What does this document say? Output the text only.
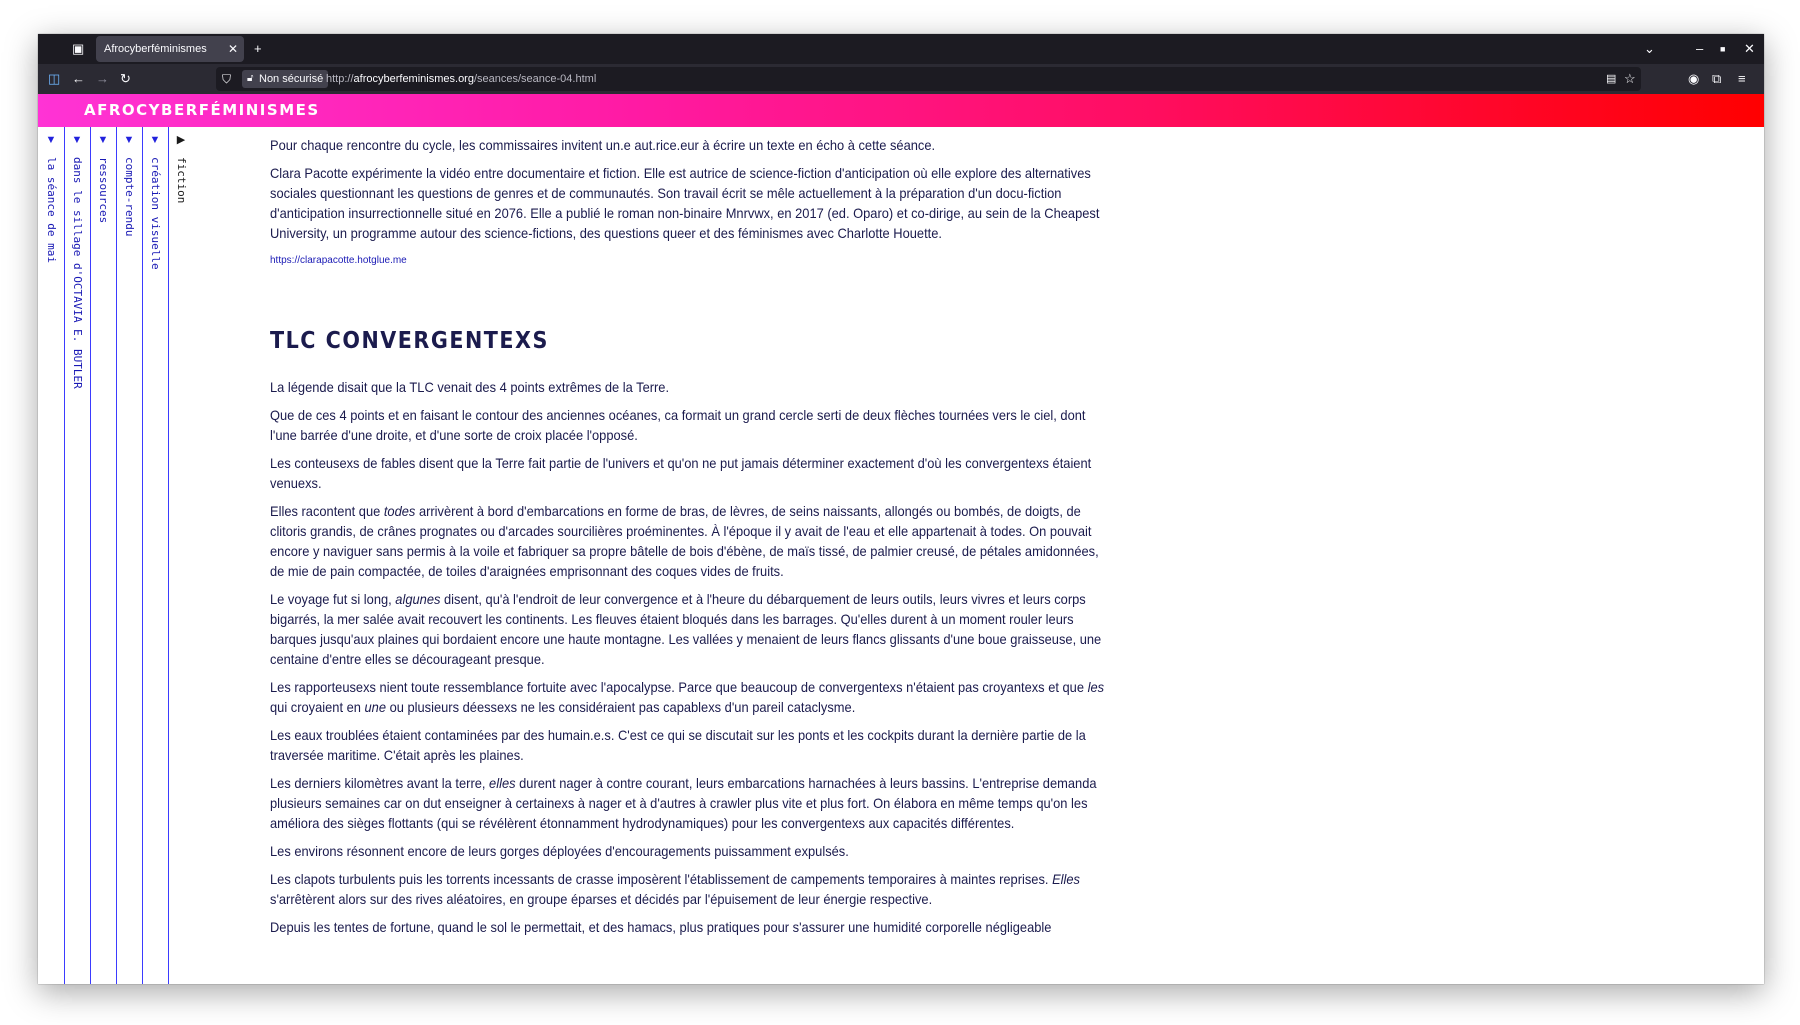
▣	Afrocyberféminismes ✕ +	⌄	– ■ ✕
◫ ← → ↻	⛉ 🔓︎ Non sécurisé http://afrocyberfeminismes.org/seances/seance-04.html	▤ ☆	◉ ⧉ ≡
AFROCYBERFÉMINISMES
▼
la séance de mai
▼
dans le sillage d'OCTAVIA E. BUTLER
▼
ressources
▼
compte-rendu
▼
création visuelle
▶
fiction

Pour chaque rencontre du cycle, les commissaires invitent un.e aut.rice.eur à écrire un texte en écho à cette séance.

Clara Pacotte expérimente la vidéo entre documentaire et fiction. Elle est autrice de science-fiction d'anticipation où elle explore des alternatives sociales questionnant les questions de genres et de communautés. Son travail écrit se mêle actuellement à la préparation d'un docu-fiction d'anticipation insurrectionnelle situé en 2076. Elle a publié le roman non-binaire Mnrvwx, en 2017 (ed. Oparo) et co-dirige, au sein de la Cheapest University, un programme autour des science-fictions, des questions queer et des féminismes avec Charlotte Houette.

https://clarapacotte.hotglue.me
TLC CONVERGENTEXS

La légende disait que la TLC venait des 4 points extrêmes de la Terre.

Que de ces 4 points et en faisant le contour des anciennes océanes, ca formait un grand cercle serti de deux flèches tournées vers le ciel, dont l'une barrée d'une droite, et d'une sorte de croix placée l'opposé.

Les conteusexs de fables disent que la Terre fait partie de l'univers et qu'on ne put jamais déterminer exactement d'où les convergentexs étaient venuexs.

Elles racontent que todes arrivèrent à bord d'embarcations en forme de bras, de lèvres, de seins naissants, allongés ou bombés, de doigts, de clitoris grandis, de crânes prognates ou d'arcades sourcilières proéminentes. À l'époque il y avait de l'eau et elle appartenait à todes. On pouvait encore y naviguer sans permis à la voile et fabriquer sa propre bâtelle de bois d'ébène, de maïs tissé, de palmier creusé, de pétales amidonnées, de mie de pain compactée, de toiles d'araignées emprisonnant des coques vides de fruits.

Le voyage fut si long, algunes disent, qu'à l'endroit de leur convergence et à l'heure du débarquement de leurs outils, leurs vivres et leurs corps bigarrés, la mer salée avait recouvert les continents. Les fleuves étaient bloqués dans les barrages. Qu'elles durent à un moment rouler leurs barques jusqu'aux plaines qui bordaient encore une haute montagne. Les vallées y menaient de leurs flancs glissants d'une boue graisseuse, une centaine d'entre elles se décourageant presque.

Les rapporteusexs nient toute ressemblance fortuite avec l'apocalypse. Parce que beaucoup de convergentexs n'étaient pas croyantexs et que les qui croyaient en une ou plusieurs déessexs ne les considéraient pas capablexs d'un pareil cataclysme.

Les eaux troublées étaient contaminées par des humain.e.s. C'est ce qui se discutait sur les ponts et les cockpits durant la dernière partie de la traversée maritime. C'était après les plaines.

Les derniers kilomètres avant la terre, elles durent nager à contre courant, leurs embarcations harnachées à leurs bassins. L'entreprise demanda plusieurs semaines car on dut enseigner à certainexs à nager et à d'autres à crawler plus vite et plus fort. On élabora en même temps qu'on les améliora des sièges flottants (qui se révélèrent étonnamment hydrodynamiques) pour les convergentexs aux capacités différentes.

Les environs résonnent encore de leurs gorges déployées d'encouragements puissamment expulsés.

Les clapots turbulents puis les torrents incessants de crasse imposèrent l'établissement de campements temporaires à maintes reprises. Elles s'arrêtèrent alors sur des rives aléatoires, en groupe éparses et décidés par l'épuisement de leur énergie respective.

Depuis les tentes de fortune, quand le sol le permettait, et des hamacs, plus pratiques pour s'assurer une humidité corporelle négligeable
